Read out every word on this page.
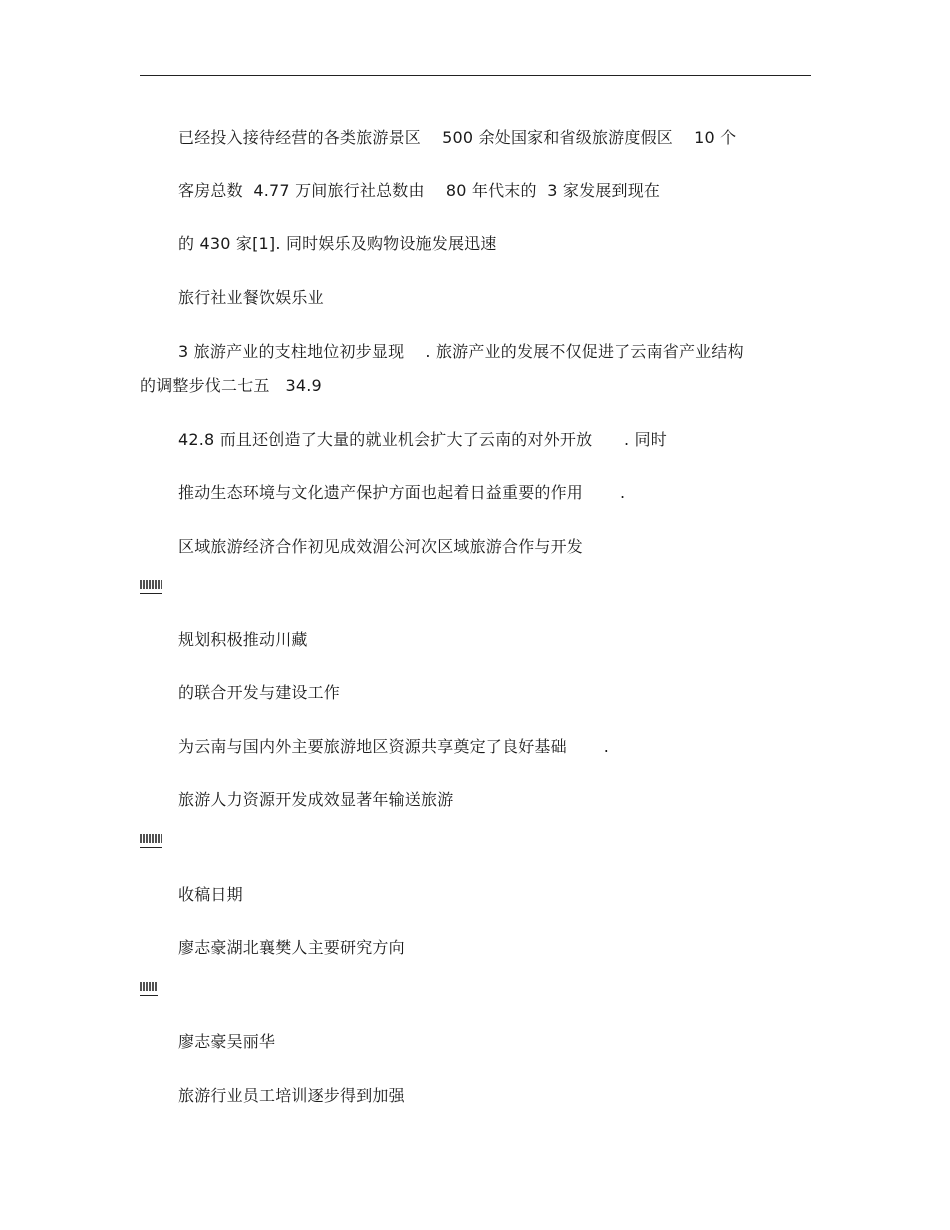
已经投入接待经营的各类旅游景区    500 余处国家和省级旅游度假区    10 个
客房总数  4.77 万间旅行社总数由    80 年代末的  3 家发展到现在
的 430 家[1]. 同时娱乐及购物设施发展迅速
旅行社业餐饮娱乐业
3 旅游产业的支柱地位初步显现    . 旅游产业的发展不仅促进了云南省产业结构
的调整步伐二七五   34.9
42.8 而且还创造了大量的就业机会扩大了云南的对外开放      . 同时
推动生态环境与文化遗产保护方面也起着日益重要的作用       .
区域旅游经济合作初见成效湄公河次区域旅游合作与开发
规划积极推动川藏
的联合开发与建设工作
为云南与国内外主要旅游地区资源共享奠定了良好基础       .
旅游人力资源开发成效显著年输送旅游
收稿日期
廖志豪湖北襄樊人主要研究方向
廖志豪吴丽华
旅游行业员工培训逐步得到加强
